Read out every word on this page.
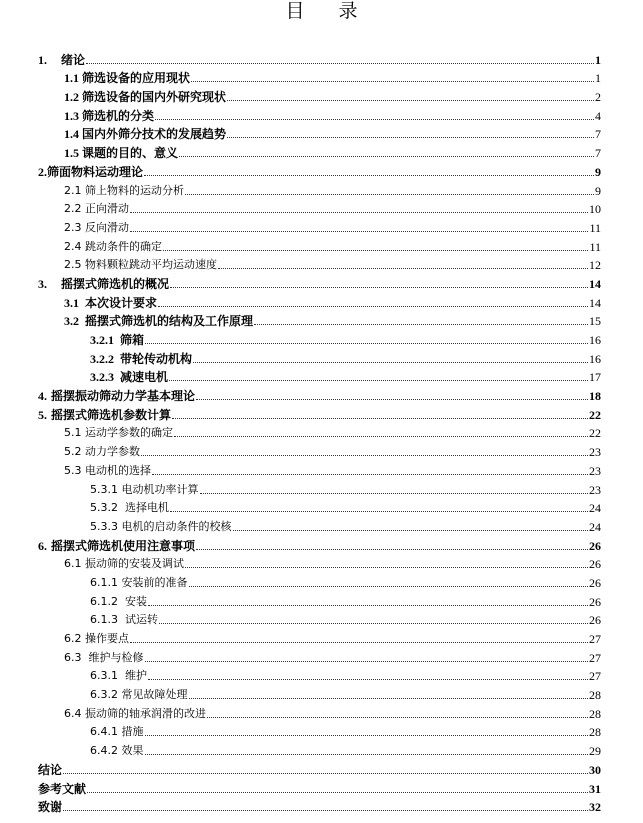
目 录
1. 绪论	1
1.1 筛选设备的应用现状	1
1.2 筛选设备的国内外研究现状	2
1.3 筛选机的分类	4
1.4 国内外筛分技术的发展趋势	7
1.5 课题的目的、意义	7
2.筛面物料运动理论	9
2.1 筛上物料的运动分析	9
2.2 正向滑动	10
2.3 反向滑动	11
2.4 跳动条件的确定	11
2.5 物料颗粒跳动平均运动速度	12
3. 摇摆式筛选机的概况	14
3.1  本次设计要求	14
3.2  摇摆式筛选机的结构及工作原理	15
3.2.1  筛箱	16
3.2.2  带轮传动机构	16
3.2.3  减速电机	17
4. 摇摆振动筛动力学基本理论	18
5. 摇摆式筛选机参数计算	22
5.1 运动学参数的确定	22
5.2 动力学参数	23
5.3 电动机的选择	23
5.3.1 电动机功率计算	23
5.3.2  选择电机	24
5.3.3 电机的启动条件的校核	24
6. 摇摆式筛选机使用注意事项	26
6.1 振动筛的安装及调试	26
6.1.1 安装前的准备	26
6.1.2  安装	26
6.1.3  试运转	26
6.2 操作要点	27
6.3  维护与检修	27
6.3.1  维护	27
6.3.2 常见故障处理	28
6.4 振动筛的轴承润滑的改进	28
6.4.1 措施	28
6.4.2 效果	29
结论	30
参考文献	31
致谢	32
